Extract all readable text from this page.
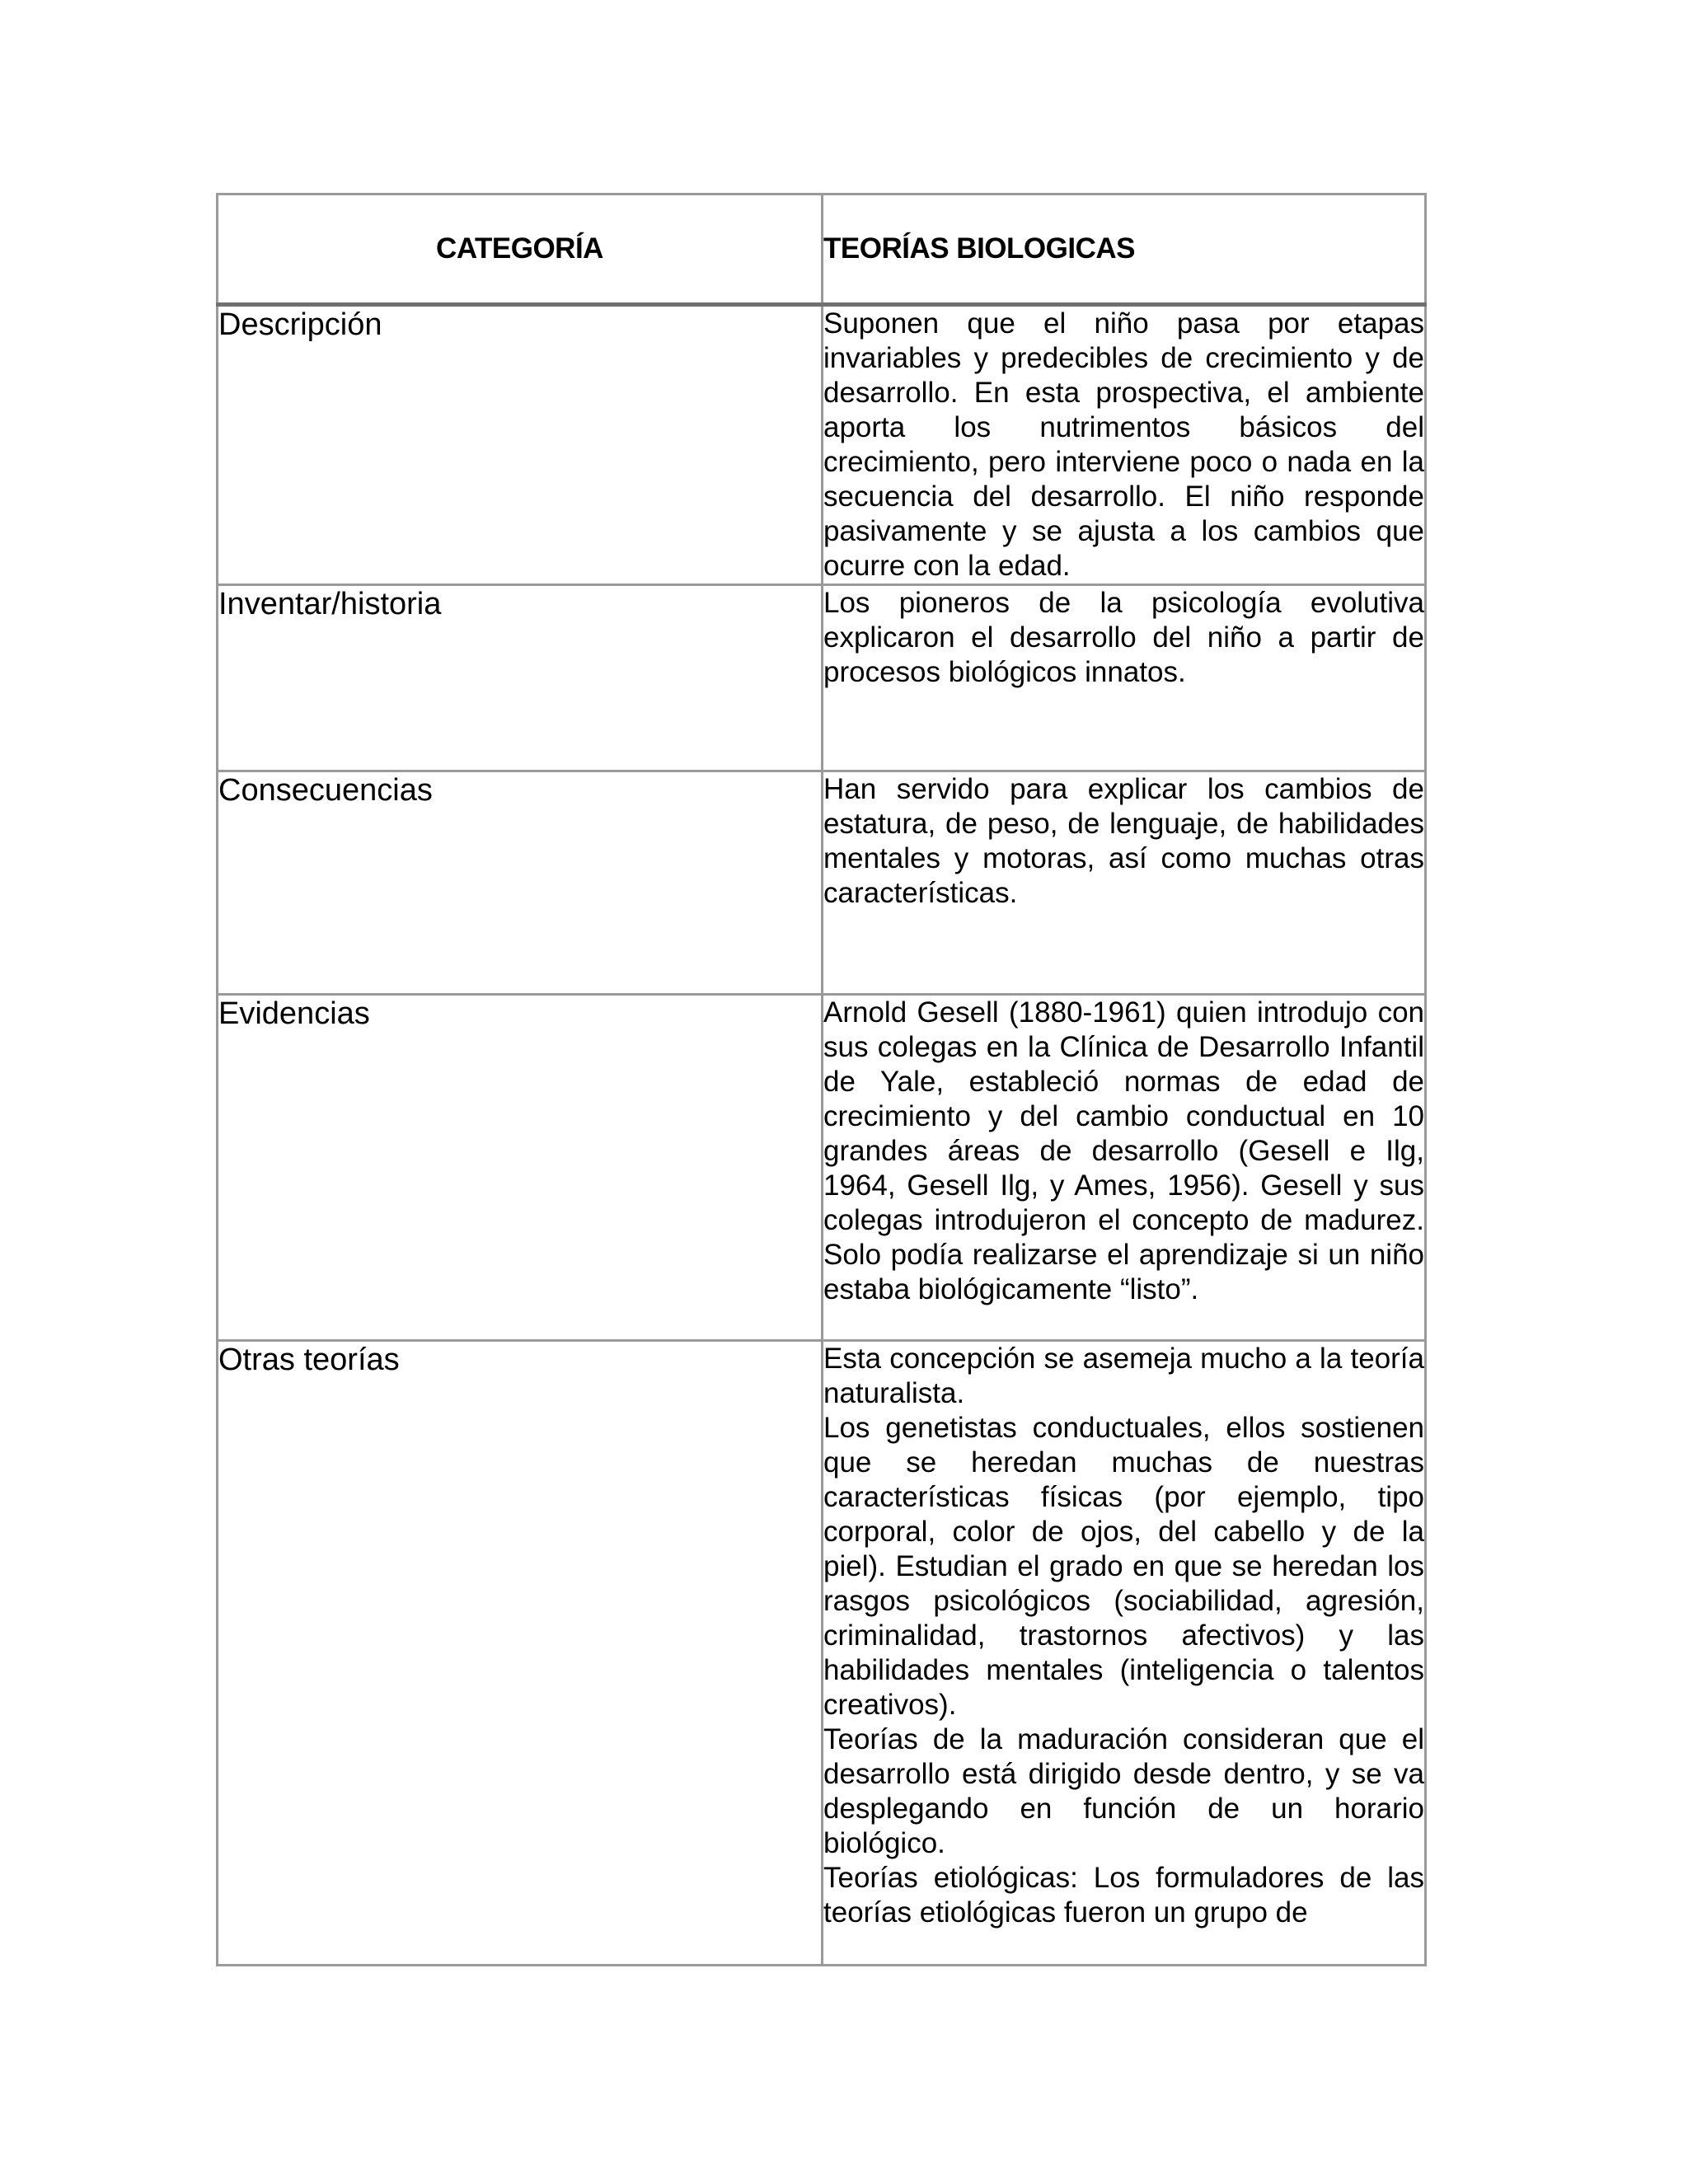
CATEGORÍA	TEORÍAS BIOLOGICAS
Descripción	Suponen que el niño pasa por etapas invariables y predecibles de crecimiento y de desarrollo. En esta prospectiva, el ambiente aporta los nutrimentos básicos del crecimiento, pero interviene poco o nada en la secuencia del desarrollo. El niño responde pasivamente y se ajusta a los cambios que ocurre con la edad.

Inventar/historia	Los pioneros de la psicología evolutiva explicaron el desarrollo del niño a partir de procesos biológicos innatos.

Consecuencias	Han servido para explicar los cambios de estatura, de peso, de lenguaje, de habilidades mentales y motoras, así como muchas otras características.

Evidencias	Arnold Gesell (1880-1961) quien introdujo con sus colegas en la Clínica de Desarrollo Infantil de Yale, estableció normas de edad de crecimiento y del cambio conductual en 10 grandes áreas de desarrollo (Gesell e Ilg, 1964, Gesell Ilg, y Ames, 1956). Gesell y sus colegas introdujeron el concepto de madurez. Solo podía realizarse el aprendizaje si un niño estaba biológicamente “listo”.

Otras teorías	Esta concepción se asemeja mucho a la teoría naturalista.

Los genetistas conductuales, ellos sostienen que se heredan muchas de nuestras características físicas (por ejemplo, tipo corporal, color de ojos, del cabello y de la piel). Estudian el grado en que se heredan los rasgos psicológicos (sociabilidad, agresión, criminalidad, trastornos afectivos) y las habilidades mentales (inteligencia o talentos creativos).

Teorías de la maduración consideran que el desarrollo está dirigido desde dentro, y se va desplegando en función de un horario biológico.

Teorías etiológicas: Los formuladores de las teorías etiológicas fueron un grupo de
